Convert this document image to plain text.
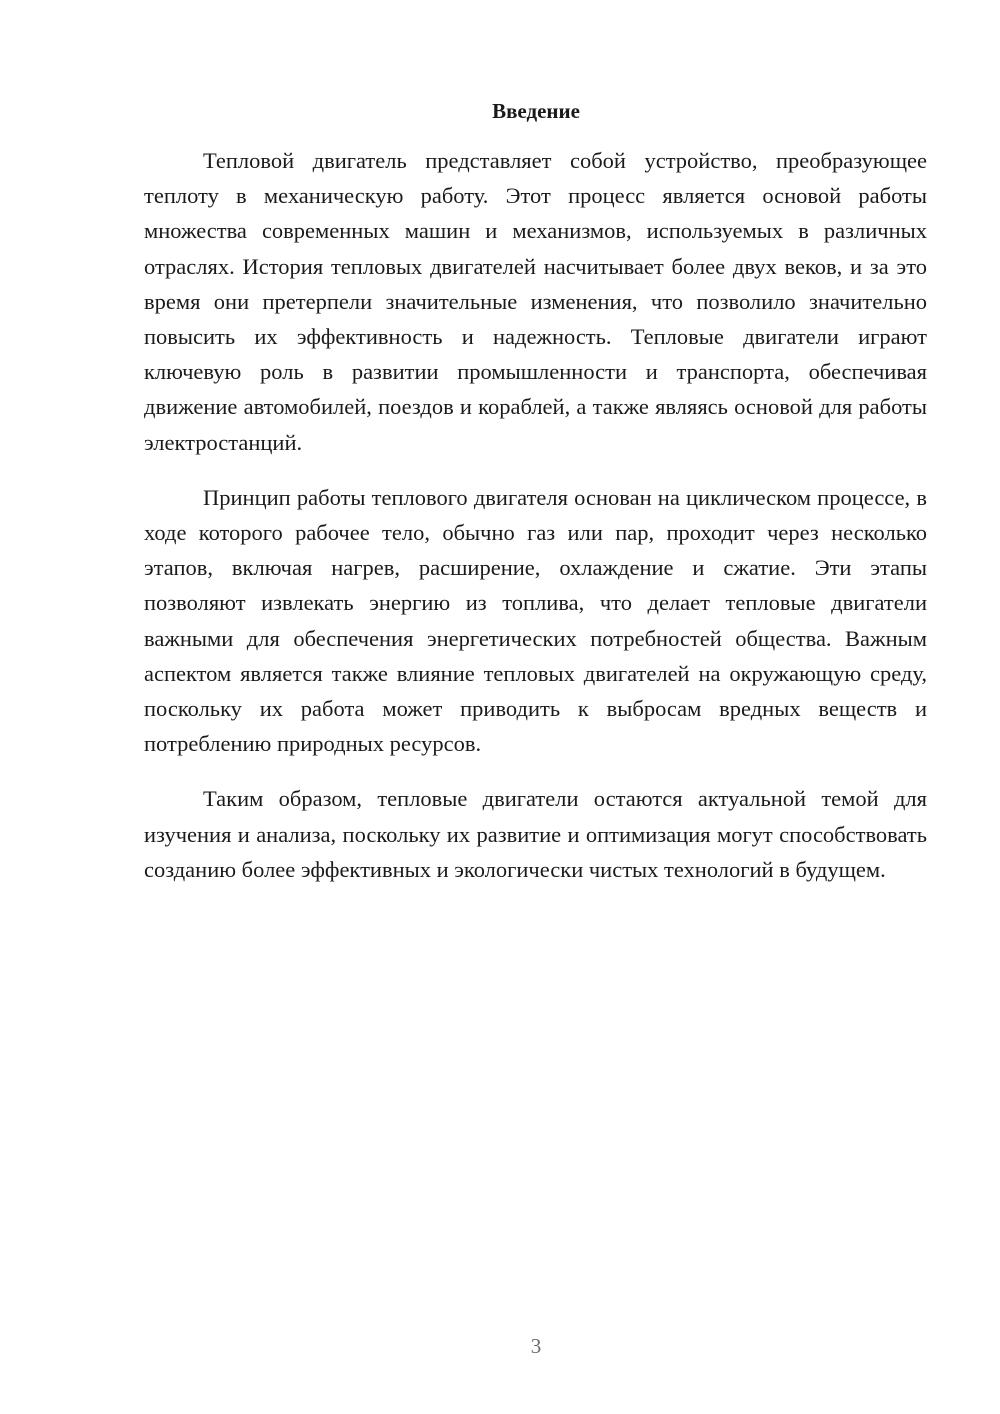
Введение

Тепловой двигатель представляет собой устройство, преобразующее теплоту в механическую работу. Этот процесс является основой работы множества современных машин и механизмов, используемых в различных отраслях. История тепловых двигателей насчитывает более двух веков, и за это время они претерпели значительные изменения, что позволило значительно повысить их эффективность и надежность. Тепловые двигатели играют ключевую роль в развитии промышленности и транспорта, обеспечивая движение автомобилей, поездов и кораблей, а также являясь основой для работы электростанций.

Принцип работы теплового двигателя основан на циклическом процессе, в ходе которого рабочее тело, обычно газ или пар, проходит через несколько этапов, включая нагрев, расширение, охлаждение и сжатие. Эти этапы позволяют извлекать энергию из топлива, что делает тепловые двигатели важными для обеспечения энергетических потребностей общества. Важным аспектом является также влияние тепловых двигателей на окружающую среду, поскольку их работа может приводить к выбросам вредных веществ и потреблению природных ресурсов.

Таким образом, тепловые двигатели остаются актуальной темой для изучения и анализа, поскольку их развитие и оптимизация могут способствовать созданию более эффективных и экологически чистых технологий в будущем.

3
